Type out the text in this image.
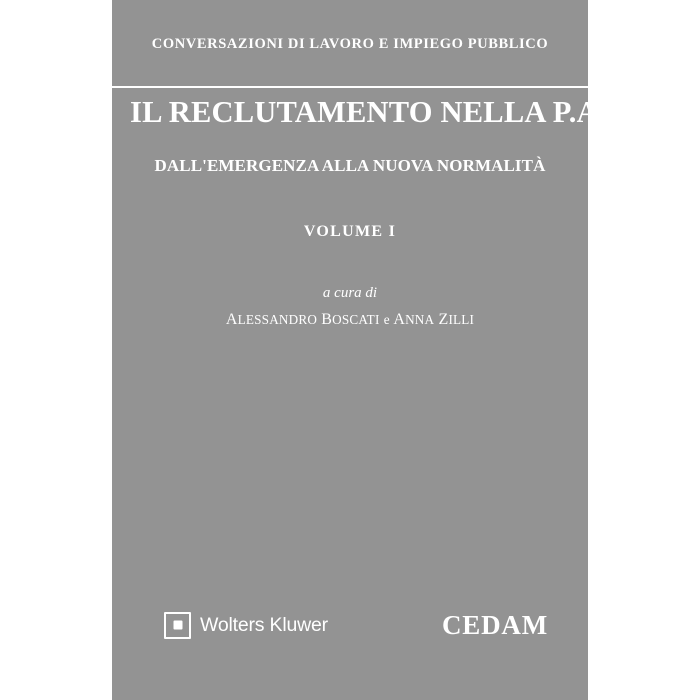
CONVERSAZIONI DI LAVORO E IMPIEGO PUBBLICO
IL RECLUTAMENTO NELLA P.A.
DALL'EMERGENZA ALLA NUOVA NORMALITÀ
VOLUME I
a cura di
ALESSANDRO BOSCATI e ANNA ZILLI
Wolters Kluwer	CEDAM
